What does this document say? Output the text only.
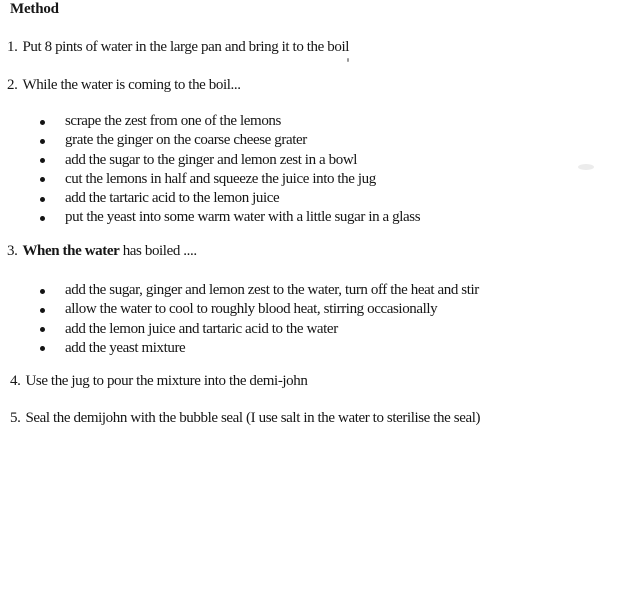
Method
1. Put 8 pints of water in the large pan and bring it to the boil
2. While the water is coming to the boil...
scrape the zest from one of the lemons
grate the ginger on the coarse cheese grater
add the sugar to the ginger and lemon zest in a bowl
cut the lemons in half and squeeze the juice into the jug
add the tartaric acid to the lemon juice
put the yeast into some warm water with a little sugar in a glass
3. When the water has boiled ....
add the sugar, ginger and lemon zest to the water, turn off the heat and stir
allow the water to cool to roughly blood heat, stirring occasionally
add the lemon juice and tartaric acid to the water
add the yeast mixture
4. Use the jug to pour the mixture into the demi-john
5. Seal the demijohn with the bubble seal (I use salt in the water to sterilise the seal)
